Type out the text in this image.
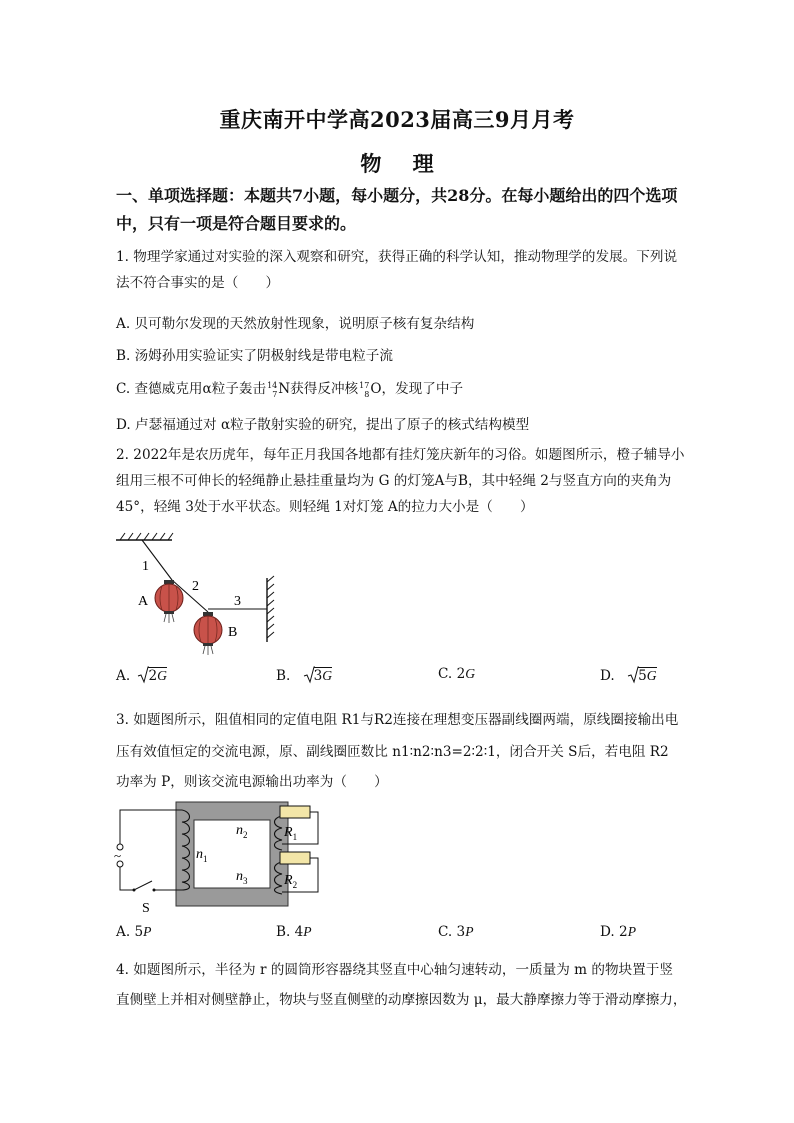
重庆南开中学高2023届高三9月月考
物 理
一、单项选择题：本题共7小题，每小题分，共28分。在每小题给出的四个选项中，只有一项是符合题目要求的。
1. 物理学家通过对实验的深入观察和研究，获得正确的科学认知，推动物理学的发展。下列说法不符合事实的是（　　）
A. 贝可勒尔发现的天然放射性现象，说明原子核有复杂结构
B. 汤姆孙用实验证实了阴极射线是带电粒子流
C. 查德威克用α粒子轰击 14
7 N获得反冲核 17
8 O，发现了中子
D. 卢瑟福通过对 α粒子散射实验的研究，提出了原子的核式结构模型
2. 2022年是农历虎年，每年正月我国各地都有挂灯笼庆新年的习俗。如题图所示，橙子辅导小组用三根不可伸长的轻绳静止悬挂重量均为 G 的灯笼A与B，其中轻绳 2与竖直方向的夹角为45°，轻绳 3处于水平状态。则轻绳 1对灯笼 A的拉力大小是（　　）
1
2
3
A
B
A. 2G	B. 3G	C. 2G	D. 5G
3. 如题图所示，阻值相同的定值电阻 R1与R2连接在理想变压器副线圈两端，原线圈接输出电
压有效值恒定的交流电源，原、副线圈匝数比 n1∶n2∶n3=2∶2∶1，闭合开关 S后，若电阻 R2
功率为 P，则该交流电源输出功率为（　　）
~
S
$n_1$
$n_2$
$n_3$
$R_1$
$R_2$
A. 5P	B. 4P	C. 3P	D. 2P
4. 如题图所示，半径为 r 的圆筒形容器绕其竖直中心轴匀速转动，一质量为 m 的物块置于竖
直侧壁上并相对侧壁静止，物块与竖直侧壁的动摩擦因数为 μ，最大静摩擦力等于滑动摩擦力，
